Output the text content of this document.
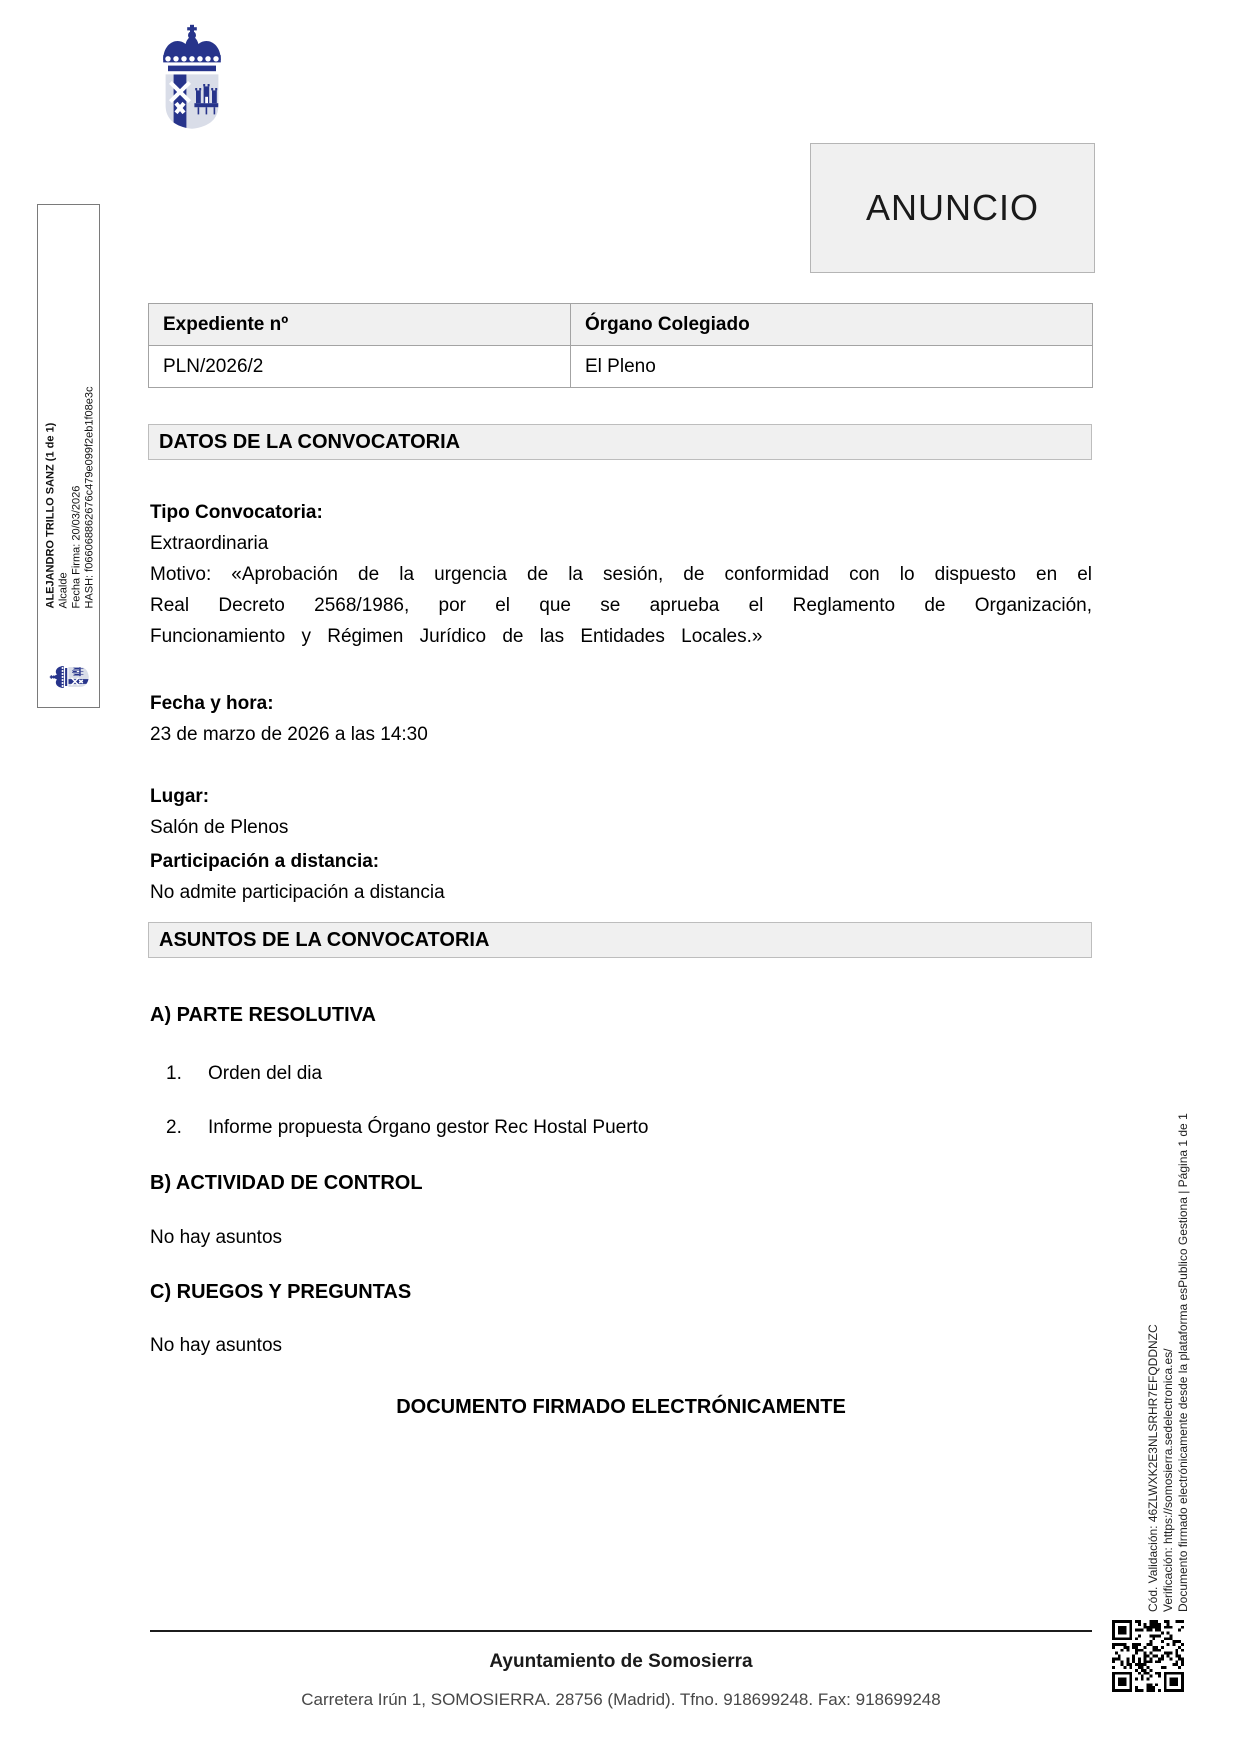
ALEJANDRO TRILLO SANZ (1 de 1) Alcalde Fecha Firma: 20/03/2026 HASH: f066068862676c479e099f2eb1f08e3c
ANUNCIO
Expediente nº	Órgano Colegiado
PLN/2026/2	El Pleno
DATOS DE LA CONVOCATORIA
Tipo Convocatoria:
Extraordinaria
Motivo: «Aprobación de la urgencia de la sesión, de conformidad con lo dispuesto en el Real Decreto 2568/1986, por el que se aprueba el Reglamento de Organización, Funcionamiento y Régimen Jurídico de las Entidades Locales.»
Fecha y hora:
23 de marzo de 2026 a las 14:30
Lugar:
Salón de Plenos
Participación a distancia:
No admite participación a distancia
ASUNTOS DE LA CONVOCATORIA
A) PARTE RESOLUTIVA
1.	Orden del dia
2.	Informe propuesta Órgano gestor Rec Hostal Puerto
B) ACTIVIDAD DE CONTROL
No hay asuntos
C) RUEGOS Y PREGUNTAS
No hay asuntos
DOCUMENTO FIRMADO ELECTRÓNICAMENTE	Cód. Validación: 46ZLWXK2E3NLSRHR7EFQDDNZC Verificación: https://somosierra.sedelectronica.es/ Documento firmado electrónicamente desde la plataforma esPublico Gestiona | Página 1 de 1
Ayuntamiento de Somosierra
Carretera Irún 1, SOMOSIERRA. 28756 (Madrid). Tfno. 918699248. Fax: 918699248
